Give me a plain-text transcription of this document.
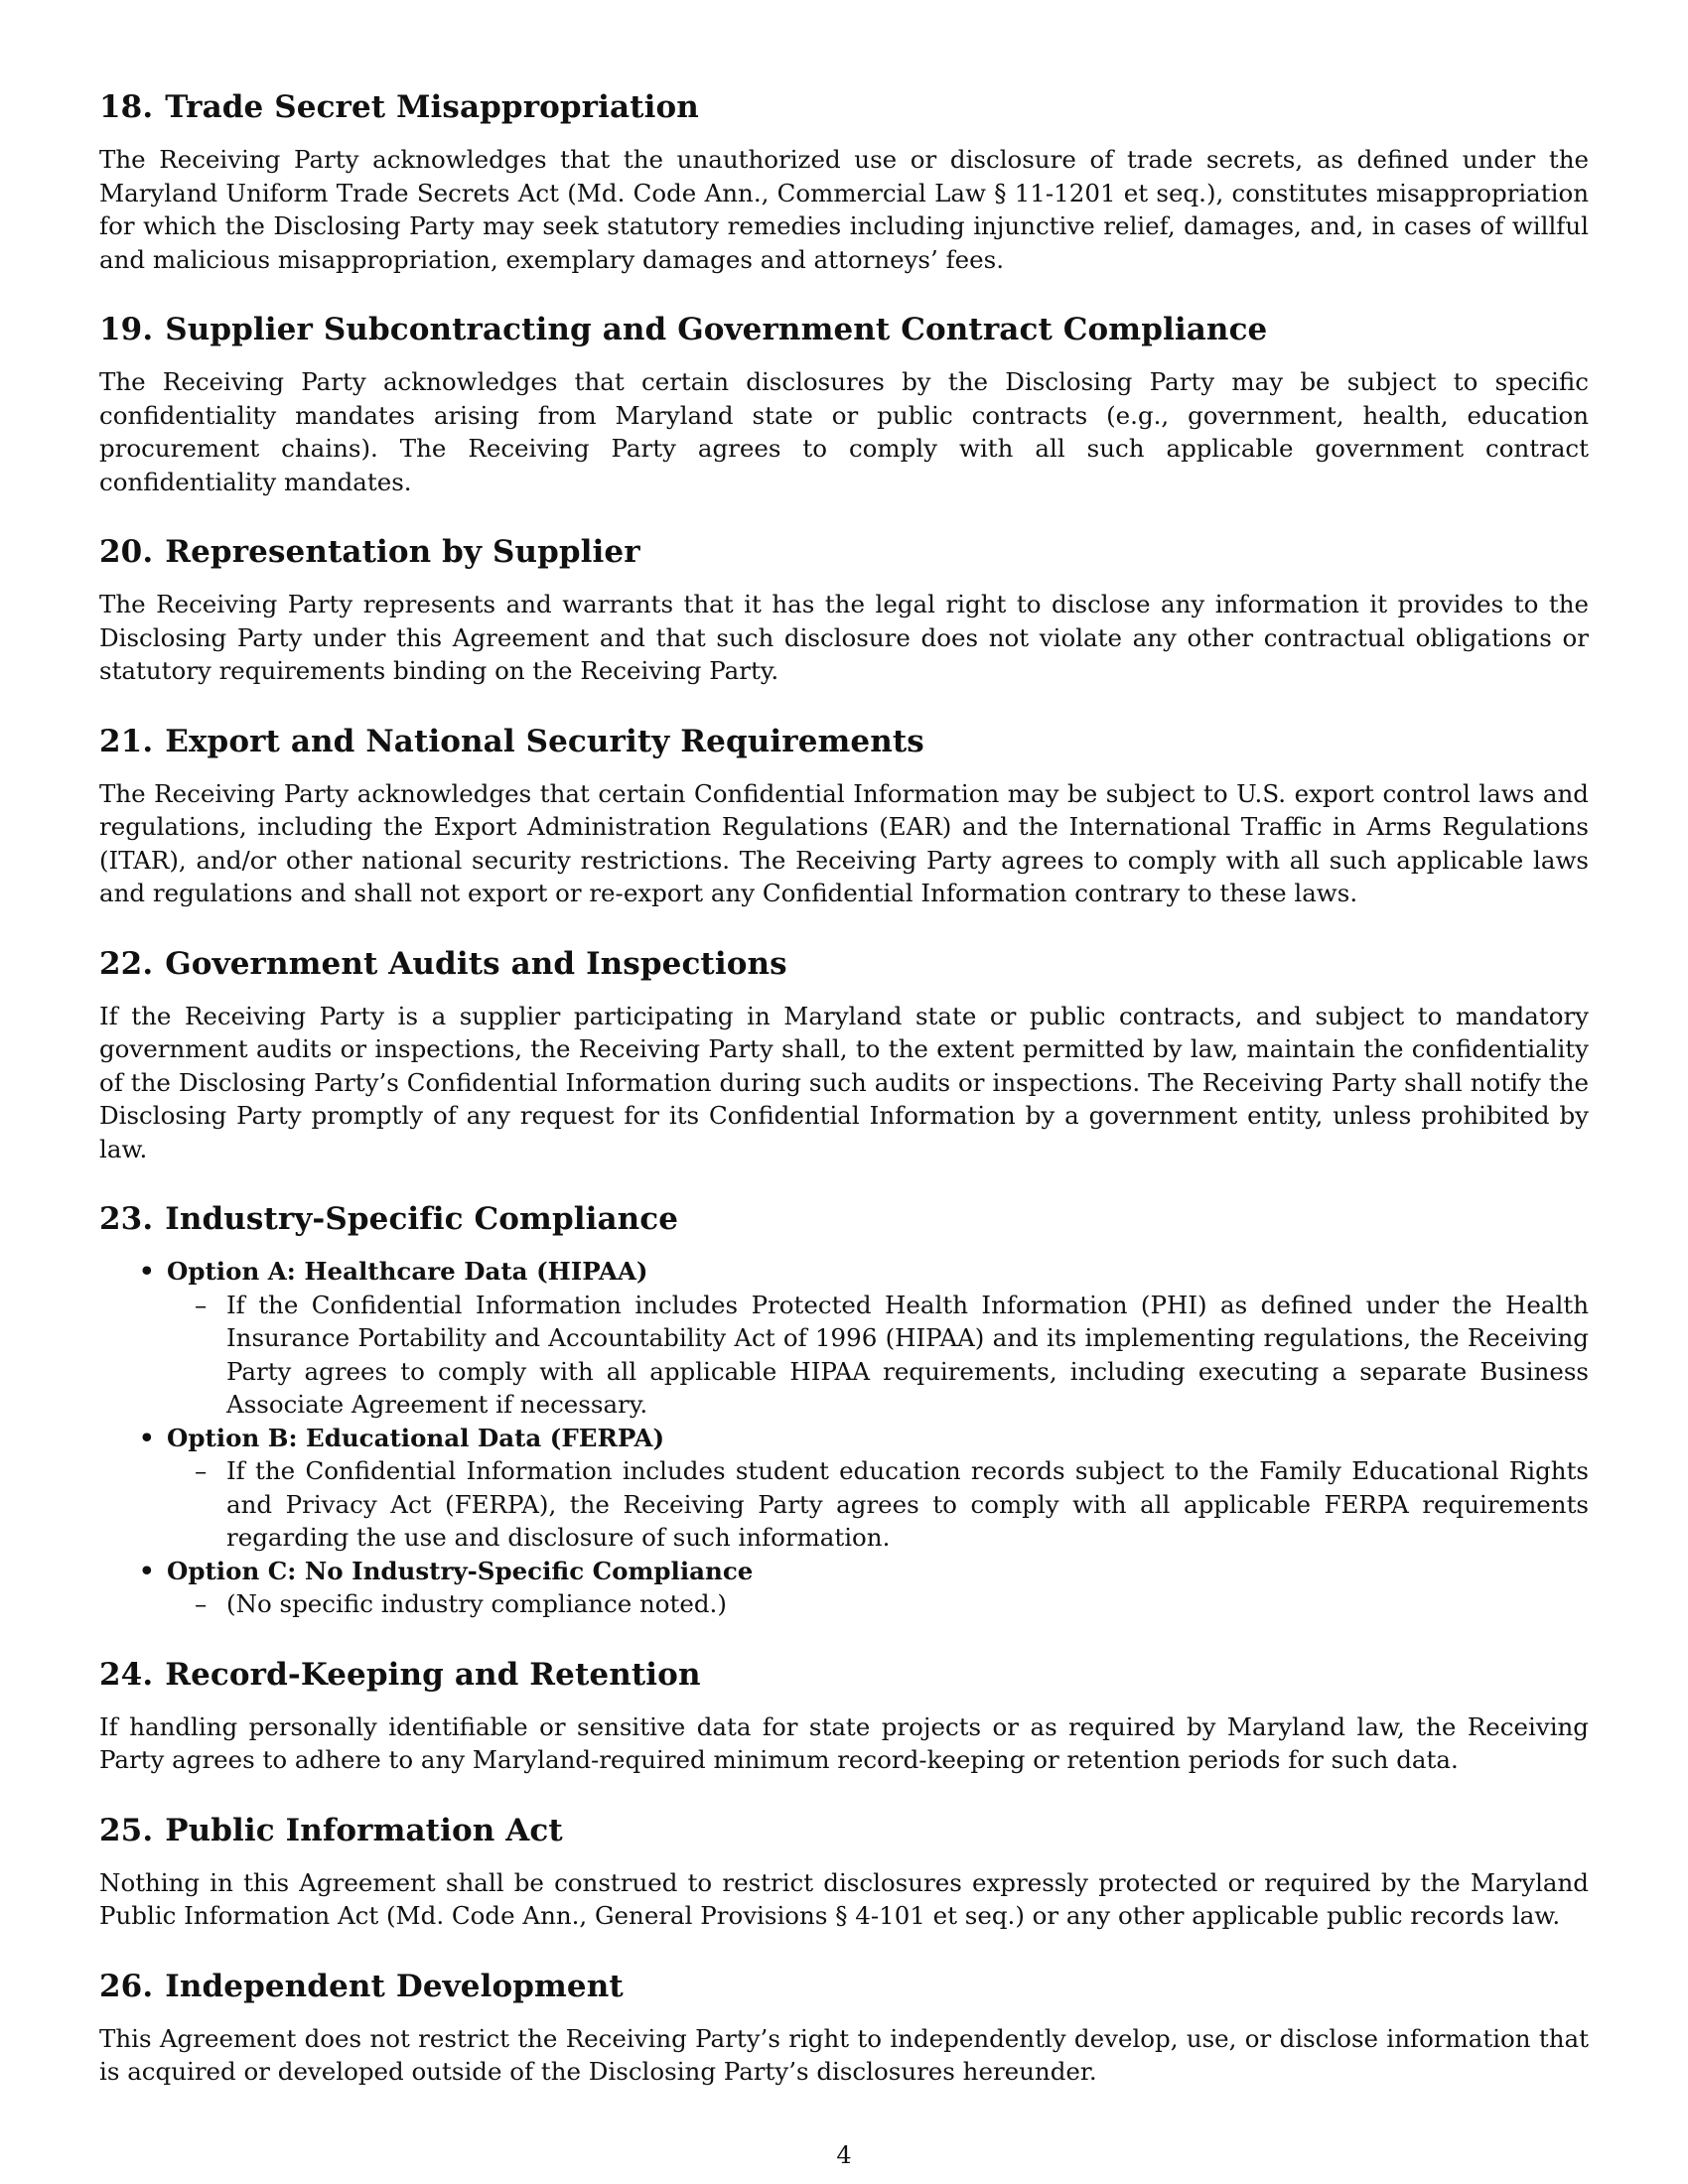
18. Trade Secret Misappropriation

The Receiving Party acknowledges that the unauthorized use or disclosure of trade secrets, as defined under the Maryland Uniform Trade Secrets Act (Md. Code Ann., Commercial Law § 11-1201 et seq.), constitutes misappropriation for which the Disclosing Party may seek statutory remedies including injunctive relief, damages, and, in cases of willful and malicious misappropriation, exemplary damages and attorneys’ fees.

19. Supplier Subcontracting and Government Contract Compliance

The Receiving Party acknowledges that certain disclosures by the Disclosing Party may be subject to specific confidentiality mandates arising from Maryland state or public contracts (e.g., government, health, education procurement chains). The Receiving Party agrees to comply with all such applicable government contract confidentiality mandates.

20. Representation by Supplier

The Receiving Party represents and warrants that it has the legal right to disclose any information it provides to the Disclosing Party under this Agreement and that such disclosure does not violate any other contractual obligations or statutory requirements binding on the Receiving Party.

21. Export and National Security Requirements

The Receiving Party acknowledges that certain Confidential Information may be subject to U.S. export control laws and regulations, including the Export Administration Regulations (EAR) and the International Traffic in Arms Regulations (ITAR), and/or other national security restrictions. The Receiving Party agrees to comply with all such applicable laws and regulations and shall not export or re-export any Confidential Information contrary to these laws.

22. Government Audits and Inspections

If the Receiving Party is a supplier participating in Maryland state or public contracts, and subject to mandatory government audits or inspections, the Receiving Party shall, to the extent permitted by law, maintain the confidentiality of the Disclosing Party’s Confidential Information during such audits or inspections. The Receiving Party shall notify the Disclosing Party promptly of any request for its Confidential Information by a government entity, unless prohibited by law.

23. Industry-Specific Compliance
• Option A: Healthcare Data (HIPAA)
– If the Confidential Information includes Protected Health Information (PHI) as defined under the Health Insurance Portability and Accountability Act of 1996 (HIPAA) and its implementing regulations, the Receiving Party agrees to comply with all applicable HIPAA requirements, including executing a separate Business Associate Agreement if necessary.
• Option B: Educational Data (FERPA)
– If the Confidential Information includes student education records subject to the Family Educational Rights and Privacy Act (FERPA), the Receiving Party agrees to comply with all applicable FERPA requirements regarding the use and disclosure of such information.
• Option C: No Industry-Specific Compliance
– (No specific industry compliance noted.)
24. Record-Keeping and Retention

If handling personally identifiable or sensitive data for state projects or as required by Maryland law, the Receiving Party agrees to adhere to any Maryland-required minimum record-keeping or retention periods for such data.

25. Public Information Act

Nothing in this Agreement shall be construed to restrict disclosures expressly protected or required by the Maryland Public Information Act (Md. Code Ann., General Provisions § 4-101 et seq.) or any other applicable public records law.

26. Independent Development

This Agreement does not restrict the Receiving Party’s right to independently develop, use, or disclose information that is acquired or developed outside of the Disclosing Party’s disclosures hereunder.

4
